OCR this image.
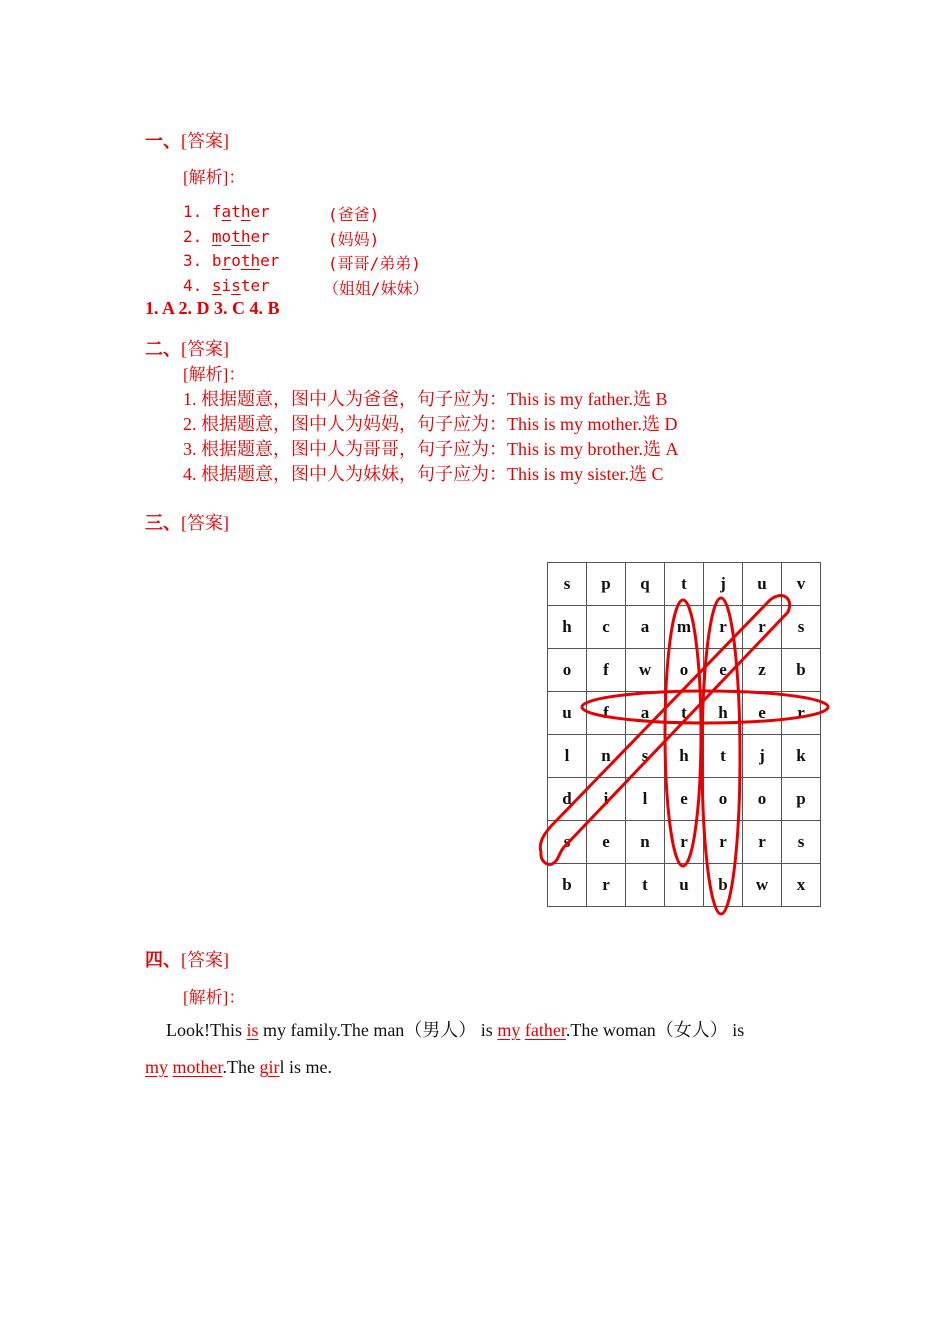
一、[答案]
[解析]：
1. father	(爸爸)
2. mother	(妈妈)
3. brother	(哥哥/弟弟)
4. sister	（姐姐/妹妹）
1. A 2. D 3. C 4. B
二、[答案]
[解析]：
1. 根据题意，图中人为爸爸，句子应为：This is my father.选 B
2. 根据题意，图中人为妈妈，句子应为：This is my mother.选 D
3. 根据题意，图中人为哥哥，句子应为：This is my brother.选 A
4. 根据题意，图中人为妹妹，句子应为：This is my sister.选 C
三、[答案]
s	p	q	t	j	u	v
h	c	a	m	r	r	s
o	f	w	o	e	z	b
u	f	a	t	h	e	r
l	n	s	h	t	j	k
d	i	l	e	o	o	p
s	e	n	r	r	r	s
b	r	t	u	b	w	x
四、[答案]
[解析]：
Look!This is my family.The man（男人） is my father.The woman（女人） is
my mother.The girl is me.
